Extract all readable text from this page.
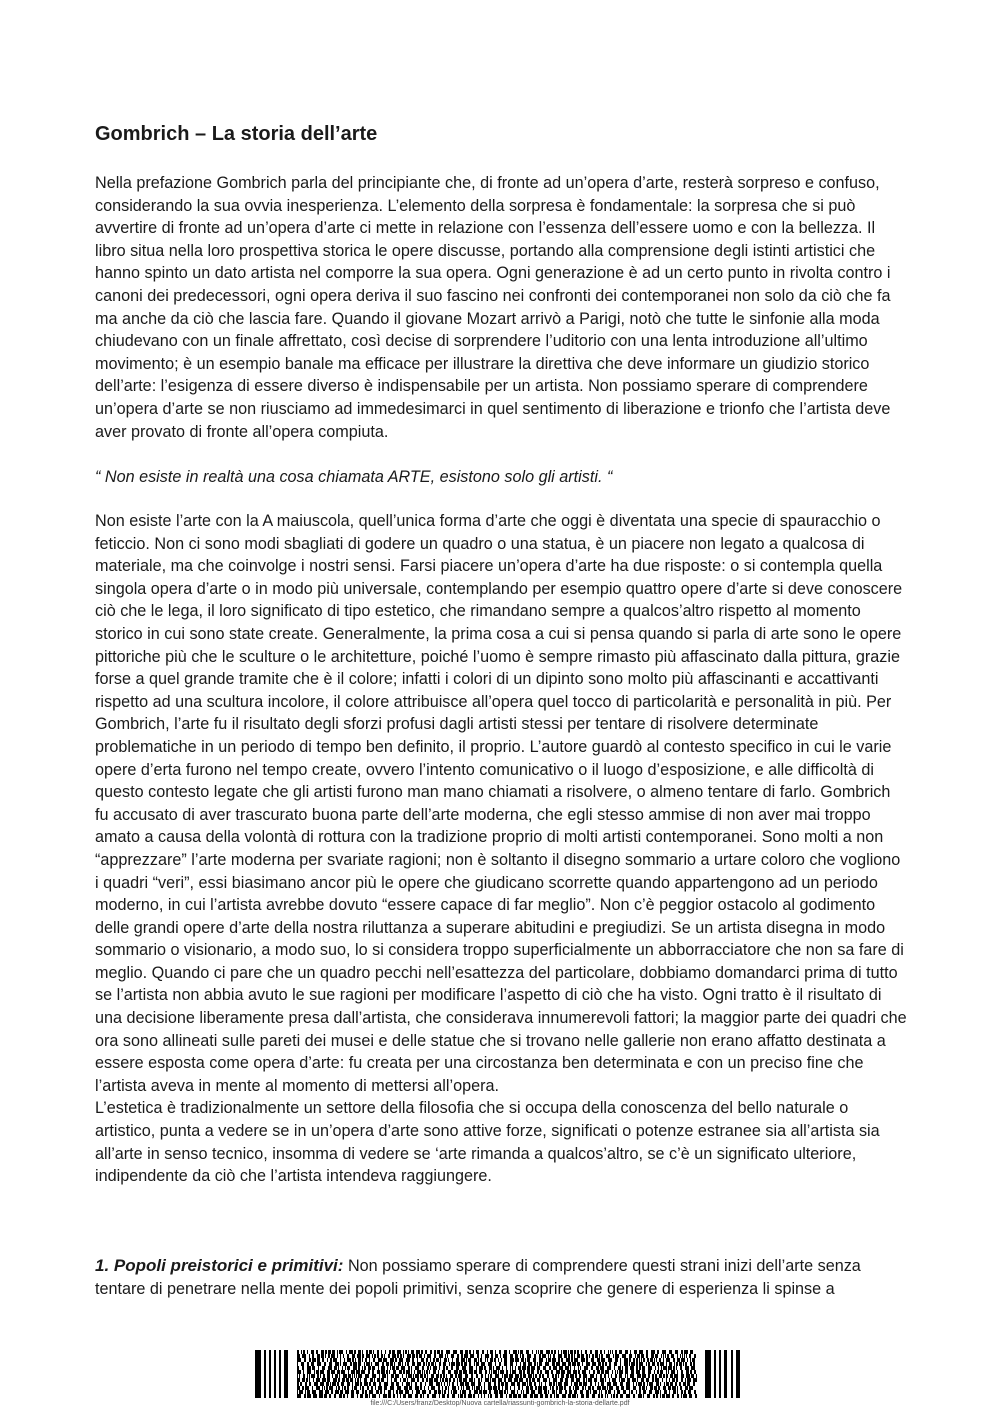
Gombrich – La storia dell’arte

Nella prefazione Gombrich parla del principiante che, di fronte ad un’opera d’arte, resterà sorpreso e confuso, considerando la sua ovvia inesperienza. L’elemento della sorpresa è fondamentale: la sorpresa che si può avvertire di fronte ad un’opera d’arte ci mette in relazione con l’essenza dell’essere uomo e con la bellezza. Il libro situa nella loro prospettiva storica le opere discusse, portando alla comprensione degli istinti artistici che hanno spinto un dato artista nel comporre la sua opera. Ogni generazione è ad un certo punto in rivolta contro i canoni dei predecessori, ogni opera deriva il suo fascino nei confronti dei contemporanei non solo da ciò che fa ma anche da ciò che lascia fare. Quando il giovane Mozart arrivò a Parigi, notò che tutte le sinfonie alla moda chiudevano con un finale affrettato, così decise di sorprendere l’uditorio con una lenta introduzione all’ultimo movimento; è un esempio banale ma efficace per illustrare la direttiva che deve informare un giudizio storico dell’arte: l’esigenza di essere diverso è indispensabile per un artista. Non possiamo sperare di comprendere un’opera d’arte se non riusciamo ad immedesimarci in quel sentimento di liberazione e trionfo che l’artista deve aver provato di fronte all’opera compiuta.

“ Non esiste in realtà una cosa chiamata ARTE, esistono solo gli artisti. “

Non esiste l’arte con la A maiuscola, quell’unica forma d’arte che oggi è diventata una specie di spauracchio o feticcio. Non ci sono modi sbagliati di godere un quadro o una statua, è un piacere non legato a qualcosa di materiale, ma che coinvolge i nostri sensi. Farsi piacere un’opera d’arte ha due risposte: o si contempla quella singola opera d’arte o in modo più universale, contemplando per esempio quattro opere d’arte si deve conoscere ciò che le lega, il loro significato di tipo estetico, che rimandano sempre a qualcos’altro rispetto al momento storico in cui sono state create. Generalmente, la prima cosa a cui si pensa quando si parla di arte sono le opere pittoriche più che le sculture o le architetture, poiché l’uomo è sempre rimasto più affascinato dalla pittura, grazie forse a quel grande tramite che è il colore; infatti i colori di un dipinto sono molto più affascinanti e accattivanti rispetto ad una scultura incolore, il colore attribuisce all’opera quel tocco di particolarità e personalità in più. Per Gombrich, l’arte fu il risultato degli sforzi profusi dagli artisti stessi per tentare di risolvere determinate problematiche in un periodo di tempo ben definito, il proprio. L’autore guardò al contesto specifico in cui le varie opere d’erta furono nel tempo create, ovvero l’intento comunicativo o il luogo d’esposizione, e alle difficoltà di questo contesto legate che gli artisti furono man mano chiamati a risolvere, o almeno tentare di farlo. Gombrich fu accusato di aver trascurato buona parte dell’arte moderna, che egli stesso ammise di non aver mai troppo amato a causa della volontà di rottura con la tradizione proprio di molti artisti contemporanei. Sono molti a non “apprezzare” l’arte moderna per svariate ragioni; non è soltanto il disegno sommario a urtare coloro che vogliono i quadri “veri”, essi biasimano ancor più le opere che giudicano scorrette quando appartengono ad un periodo moderno, in cui l’artista avrebbe dovuto “essere capace di far meglio”. Non c’è peggior ostacolo al godimento delle grandi opere d’arte della nostra riluttanza a superare abitudini e pregiudizi. Se un artista disegna in modo sommario o visionario, a modo suo, lo si considera troppo superficialmente un abborracciatore che non sa fare di meglio. Quando ci pare che un quadro pecchi nell’esattezza del particolare, dobbiamo domandarci prima di tutto se l’artista non abbia avuto le sue ragioni per modificare l’aspetto di ciò che ha visto. Ogni tratto è il risultato di una decisione liberamente presa dall’artista, che considerava innumerevoli fattori; la maggior parte dei quadri che ora sono allineati sulle pareti dei musei e delle statue che si trovano nelle gallerie non erano affatto destinata a essere esposta come opera d’arte: fu creata per una circostanza ben determinata e con un preciso fine che l’artista aveva in mente al momento di mettersi all’opera.
L’estetica è tradizionalmente un settore della filosofia che si occupa della conoscenza del bello naturale o artistico, punta a vedere se in un’opera d’arte sono attive forze, significati o potenze estranee sia all’artista sia all’arte in senso tecnico, insomma di vedere se ‘arte rimanda a qualcos’altro, se c’è un significato ulteriore, indipendente da ciò che l’artista intendeva raggiungere.

1. Popoli preistorici e primitivi: Non possiamo sperare di comprendere questi strani inizi dell’arte senza tentare di penetrare nella mente dei popoli primitivi, senza scoprire che genere di esperienza li spinse a

file:///C:/Users/franz/Desktop/Nuova cartella/riassunti-gombrich-la-storia-dellarte.pdf
